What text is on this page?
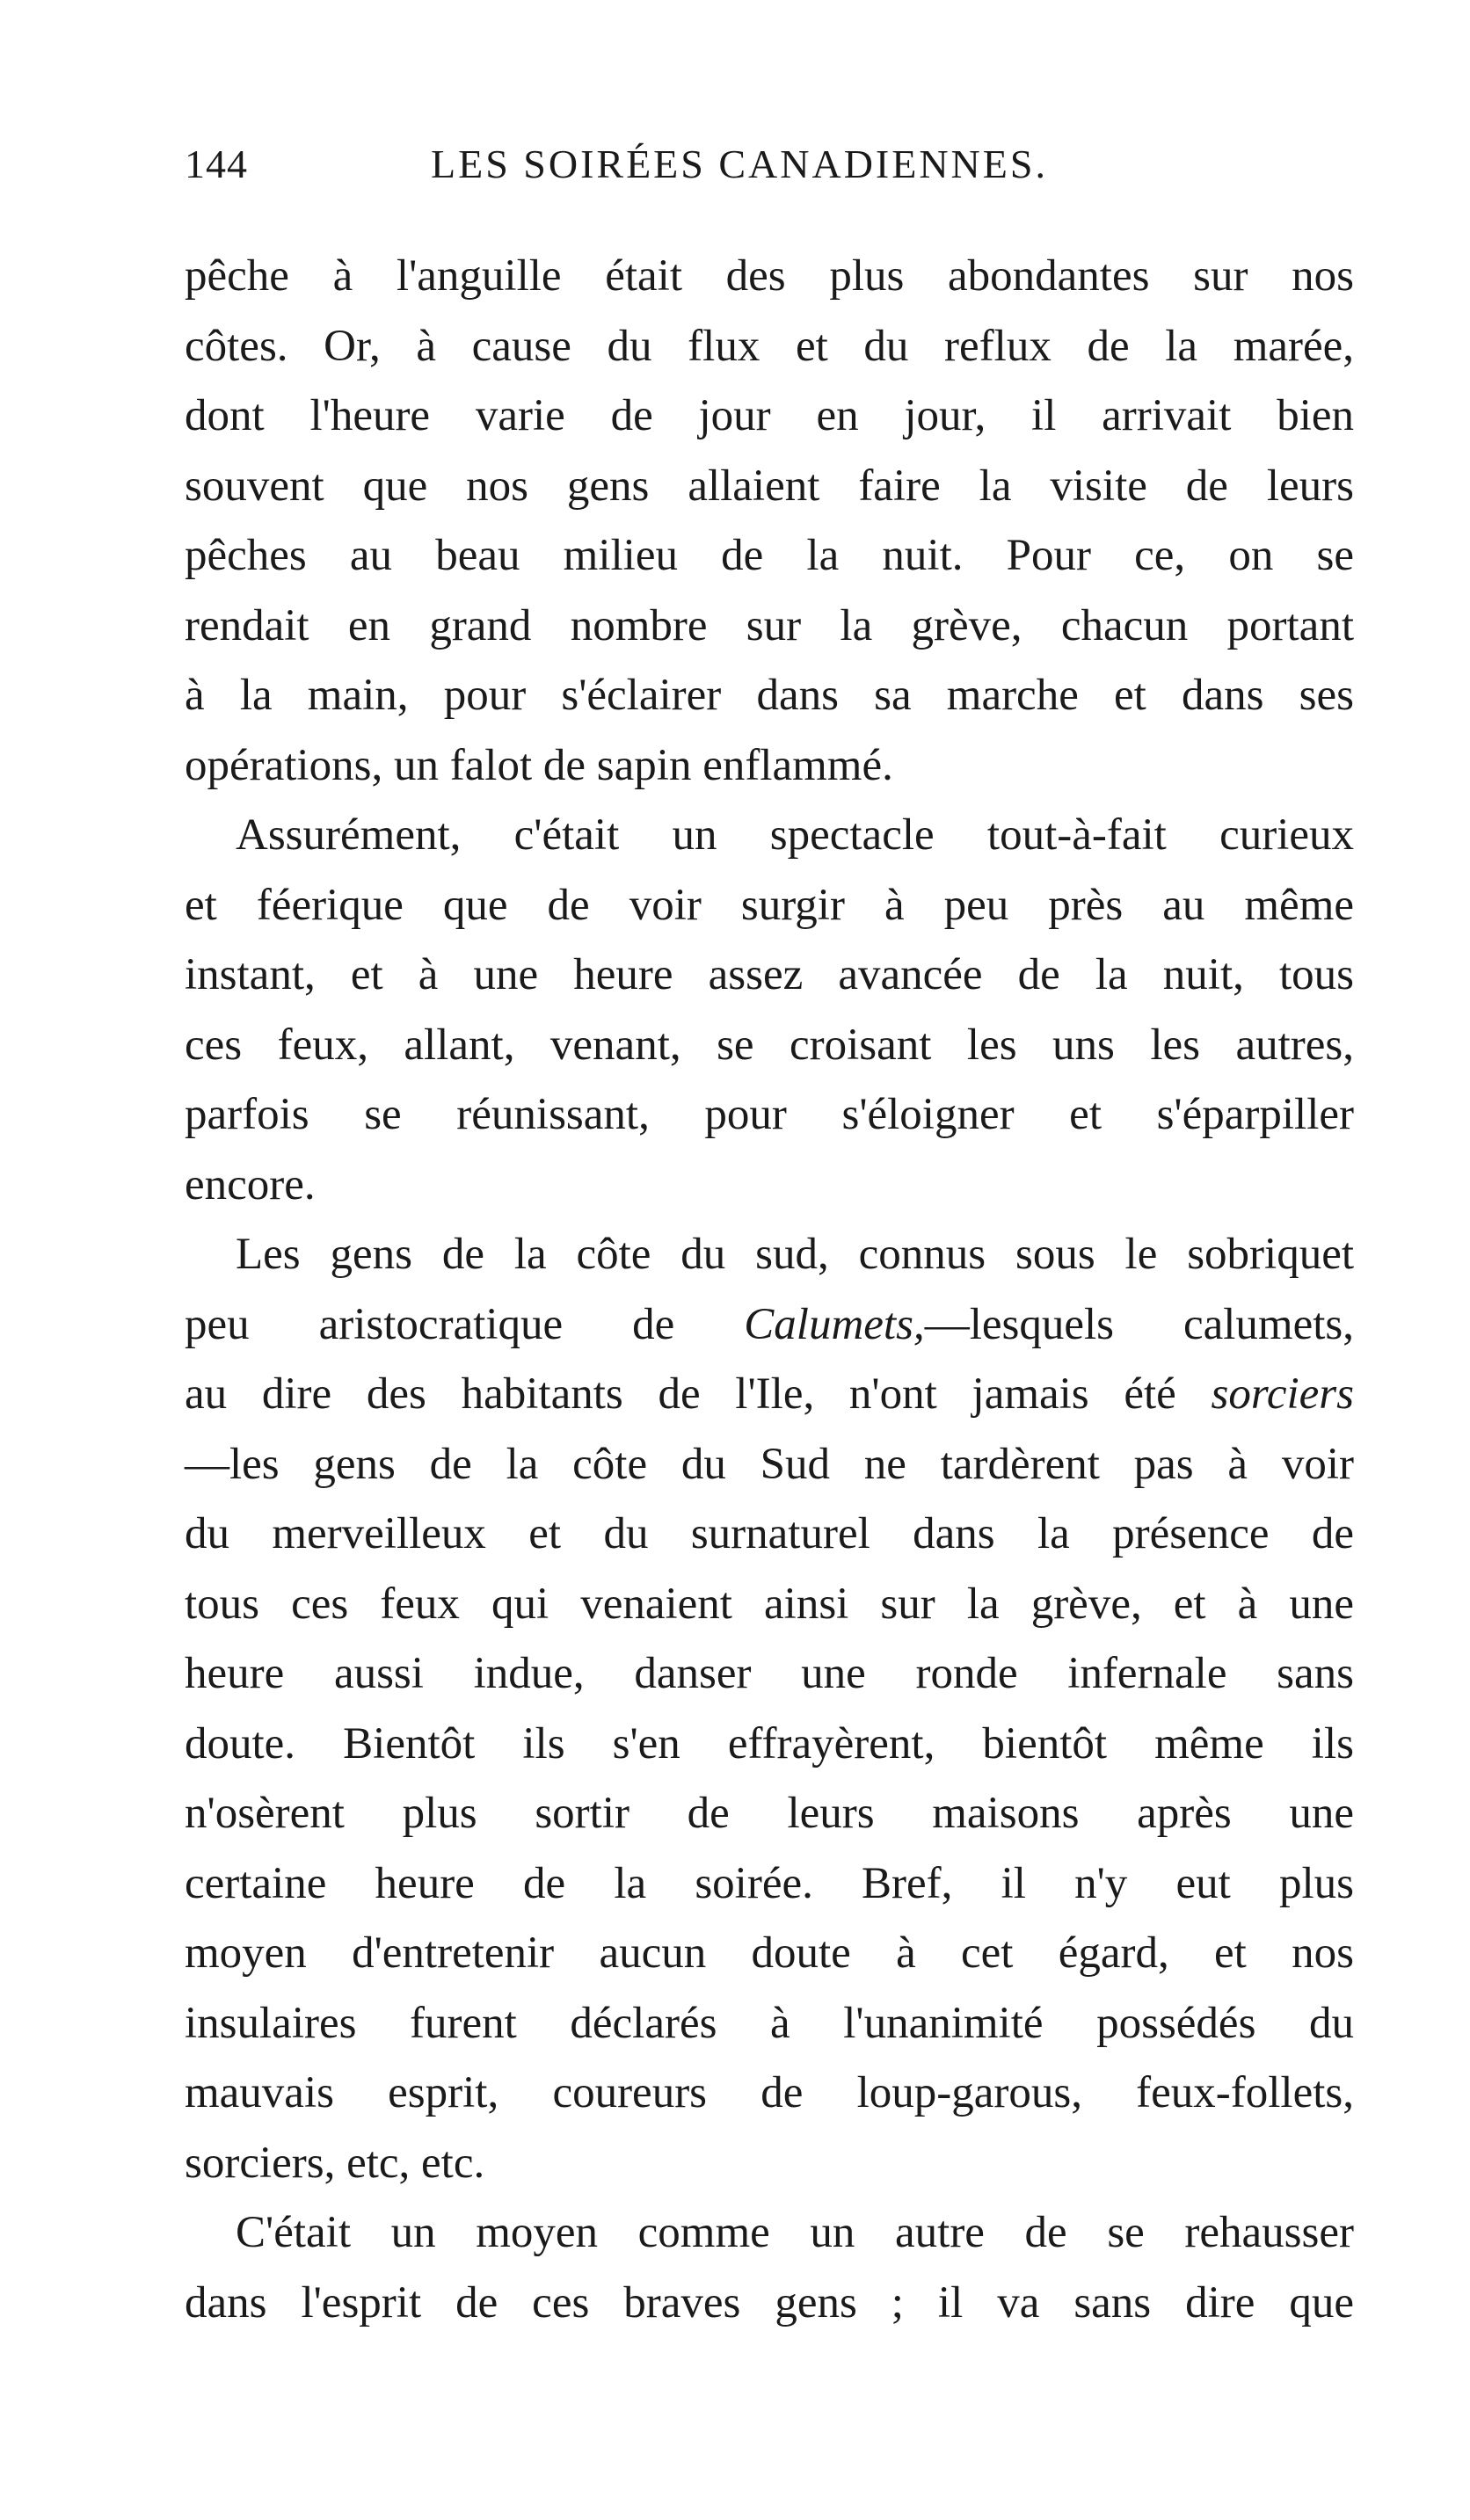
144	LES SOIRÉES CANADIENNES.
pêche à l'anguille était des plus abondantes sur nos
côtes. Or, à cause du flux et du reflux de la marée,
dont l'heure varie de jour en jour, il arrivait bien
souvent que nos gens allaient faire la visite de leurs
pêches au beau milieu de la nuit. Pour ce, on se
rendait en grand nombre sur la grève, chacun portant
à la main, pour s'éclairer dans sa marche et dans ses
opérations, un falot de sapin enflammé.
Assurément, c'était un spectacle tout-à-fait curieux
et féerique que de voir surgir à peu près au même
instant, et à une heure assez avancée de la nuit, tous
ces feux, allant, venant, se croisant les uns les autres,
parfois se réunissant, pour s'éloigner et s'éparpiller
encore.
Les gens de la côte du sud, connus sous le sobriquet
peu aristocratique de Calumets,—lesquels calumets,
au dire des habitants de l'Ile, n'ont jamais été sorciers
—les gens de la côte du Sud ne tardèrent pas à voir
du merveilleux et du surnaturel dans la présence de
tous ces feux qui venaient ainsi sur la grève, et à une
heure aussi indue, danser une ronde infernale sans
doute. Bientôt ils s'en effrayèrent, bientôt même ils
n'osèrent plus sortir de leurs maisons après une
certaine heure de la soirée. Bref, il n'y eut plus
moyen d'entretenir aucun doute à cet égard, et nos
insulaires furent déclarés à l'unanimité possédés du
mauvais esprit, coureurs de loup-garous, feux-follets,
sorciers, etc, etc.
C'était un moyen comme un autre de se rehausser
dans l'esprit de ces braves gens ; il va sans dire que
